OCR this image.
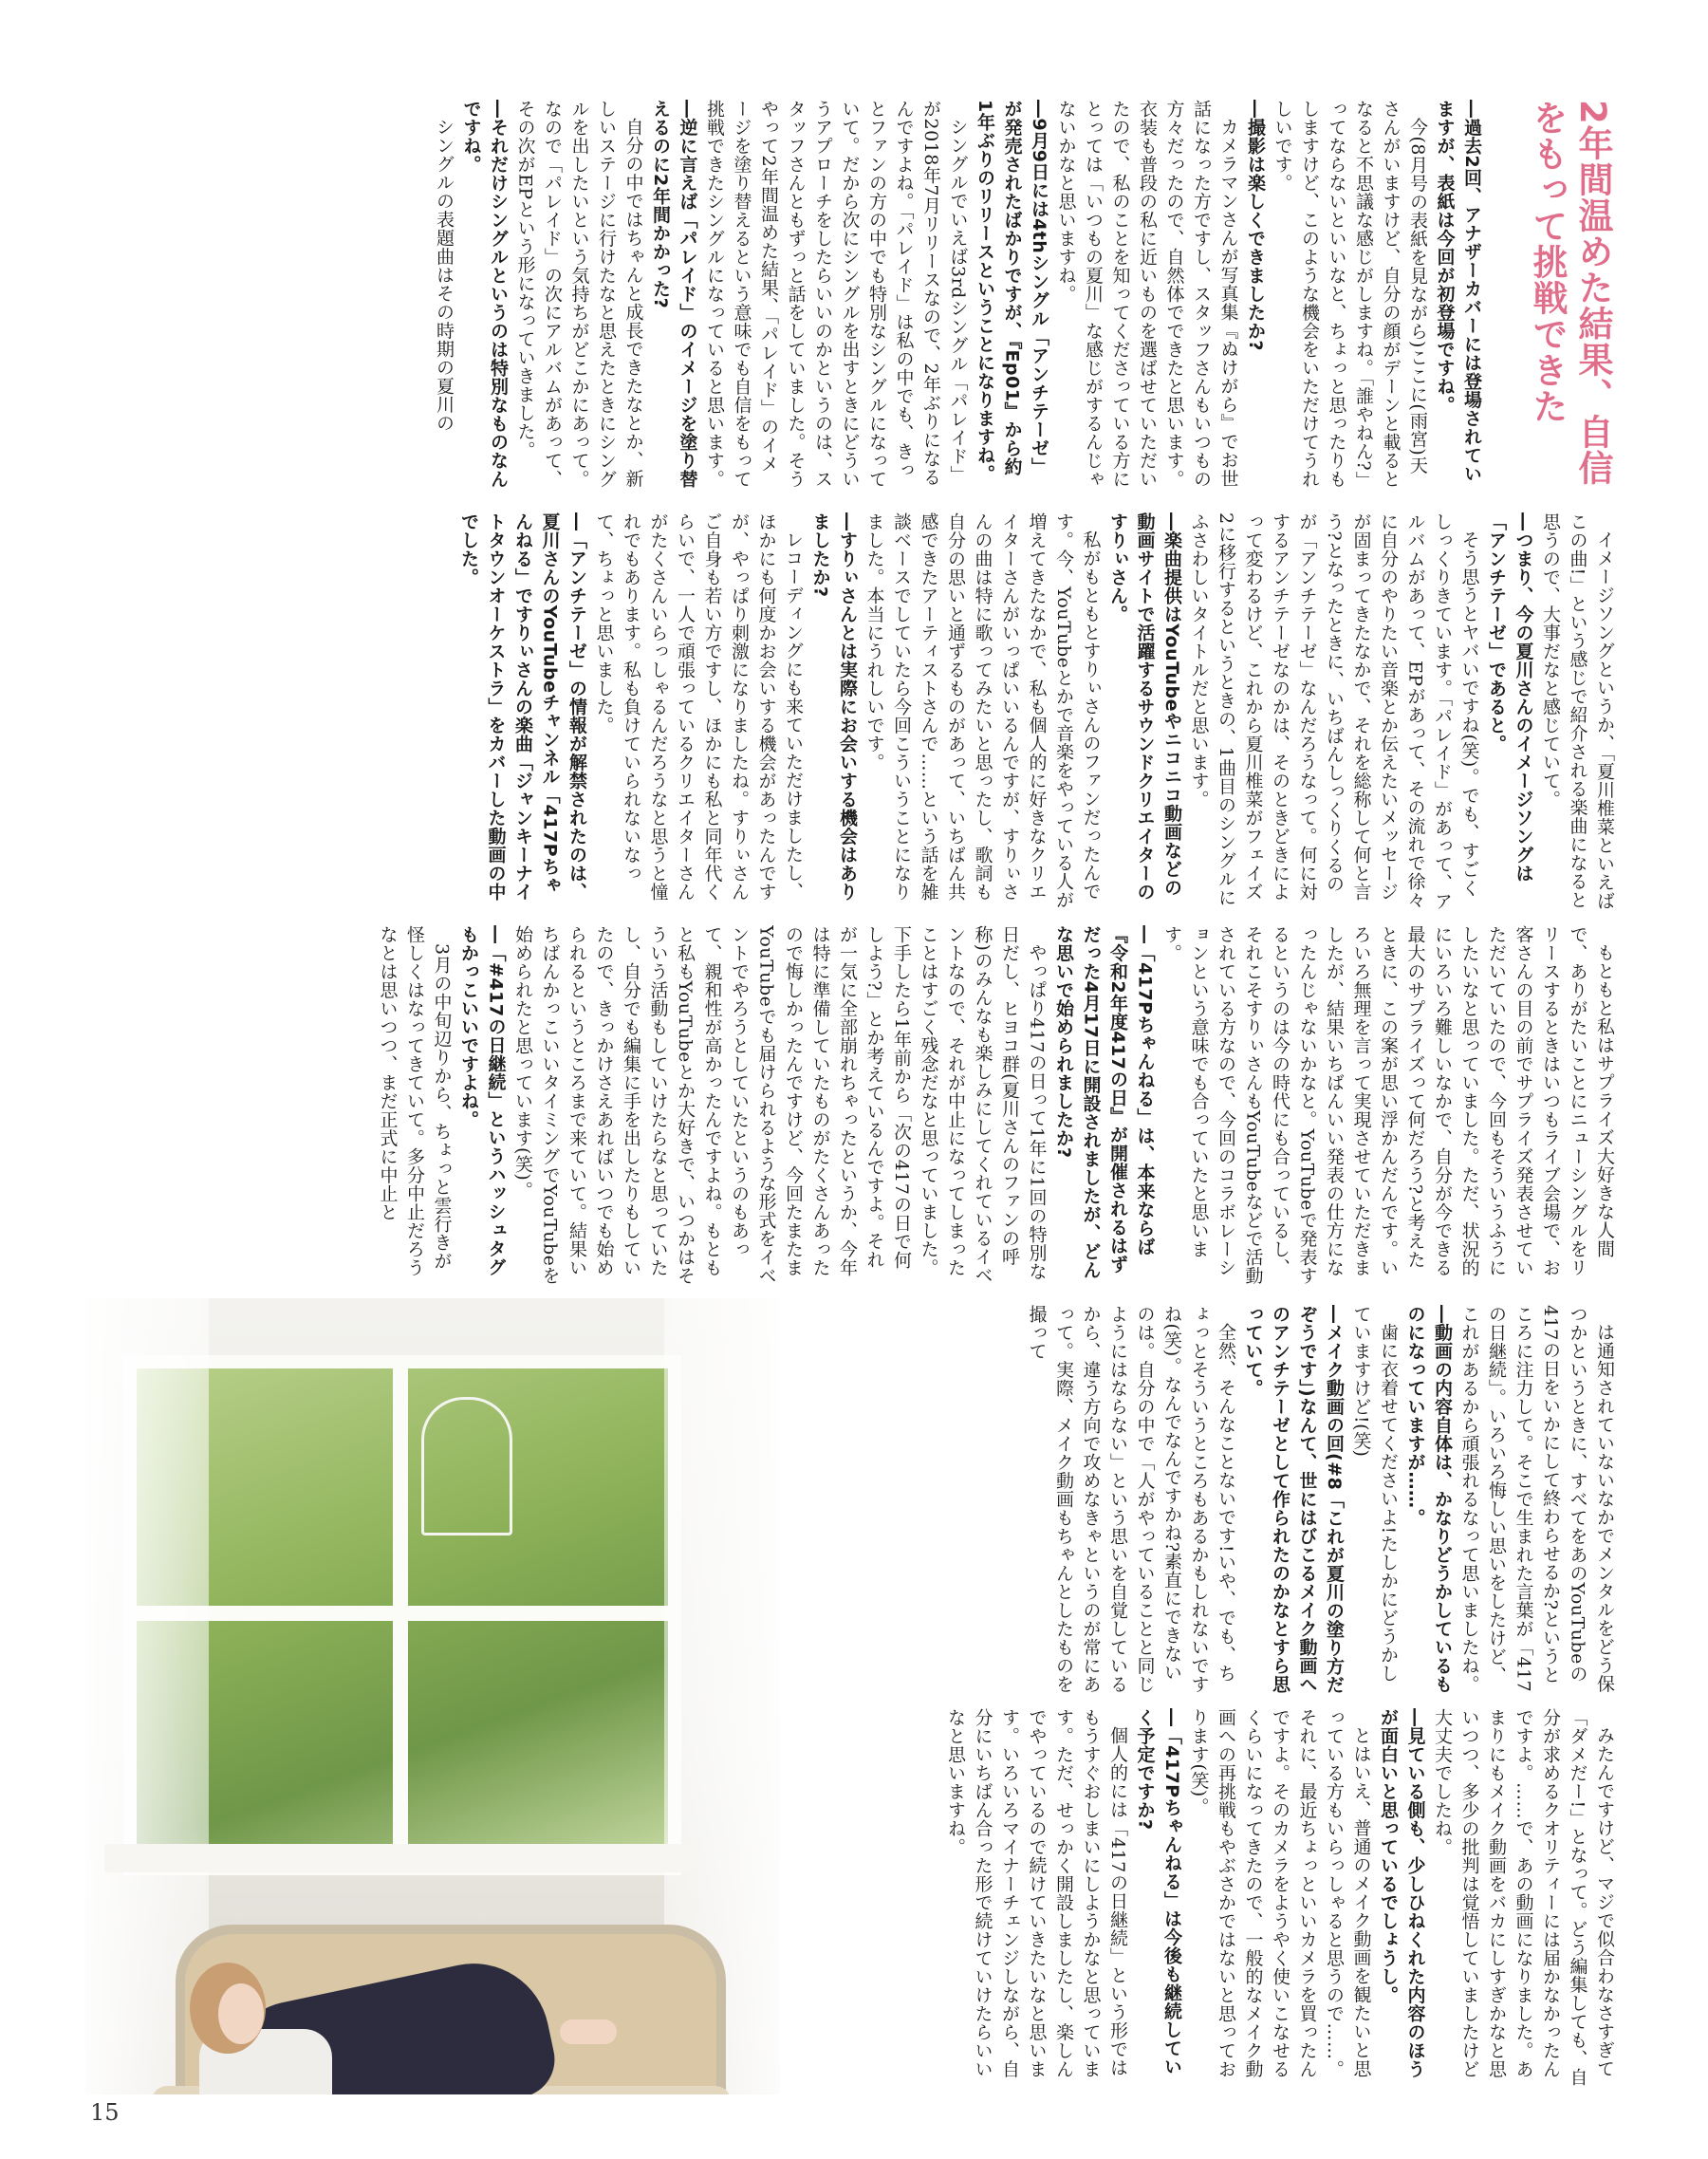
2年間温めた結果、自信をもって挑戦できた

―過去2回、アナザーカバーには登場されていますが、表紙は今回が初登場ですね。

今(8月号の表紙を見ながら)ここに(雨宮)天さんがいますけど、自分の顔がデーンと載るとなると不思議な感じがしますね。「誰やねん?」ってならないといいなと、ちょっと思ったりもしますけど、このような機会をいただけてうれしいです。

―撮影は楽しくできましたか?

カメラマンさんが写真集『ぬけがら』でお世話になった方ですし、スタッフさんもいつもの方々だったので、自然体でできたと思います。衣装も普段の私に近いものを選ばせていただいたので、私のことを知ってくださっている方にとっては「いつもの夏川」な感じがするんじゃないかなと思いますね。

―9月9日には4thシングル「アンチテーゼ」が発売されたばかりですが、『Ep01』から約1年ぶりのリリースということになりますね。

シングルでいえば3rdシングル「パレイド」が2018年7月リリースなので、2年ぶりになるんですよね。「パレイド」は私の中でも、きっとファンの方の中でも特別なシングルになっていて。だから次にシングルを出すときにどういうアプローチをしたらいいのかというのは、スタッフさんともずっと話をしていました。そうやって2年間温めた結果、「パレイド」のイメージを塗り替えるという意味でも自信をもって挑戦できたシングルになっていると思います。

―逆に言えば「パレイド」のイメージを塗り替えるのに2年間かかった?

自分の中ではちゃんと成長できたなとか、新しいステージに行けたなと思えたときにシングルを出したいという気持ちがどこかにあって。なので「パレイド」の次にアルバムがあって、その次がEPという形になっていきました。

―それだけシングルというのは特別なものなんですね。

シングルの表題曲はその時期の夏川の

イメージソングというか、「夏川椎菜といえばこの曲!」という感じで紹介される楽曲になると思うので、大事だなと感じていて。

―つまり、今の夏川さんのイメージソングは「アンチテーゼ」であると。

そう思うとヤバいですね(笑)。でも、すごくしっくりきています。「パレイド」があって、アルバムがあって、EPがあって、その流れで徐々に自分のやりたい音楽とか伝えたいメッセージが固まってきたなかで、それを総称して何と言う?となったときに、いちばんしっくりくるのが「アンチテーゼ」なんだろうなって。何に対するアンチテーゼなのかは、そのときどきによって変わるけど、これから夏川椎菜がフェイズ2に移行するというときの、1曲目のシングルにふさわしいタイトルだと思います。

―楽曲提供はYouTubeやニコニコ動画などの動画サイトで活躍するサウンドクリエイターのすりぃさん。

私がもともとすりぃさんのファンだったんです。今、YouTubeとかで音楽をやっている人が増えてきたなかで、私も個人的に好きなクリエイターさんがいっぱいいるんですが、すりぃさんの曲は特に歌ってみたいと思ったし、歌詞も自分の思いと通ずるものがあって、いちばん共感できたアーティストさんで……という話を雑談ベースでしていたら今回こういうことになりました。本当にうれしいです。

―すりぃさんとは実際にお会いする機会はありましたか?

レコーディングにも来ていただけましたし、ほかにも何度かお会いする機会があったんですが、やっぱり刺激になりましたね。すりぃさんご自身も若い方ですし、ほかにも私と同年代くらいで、一人で頑張っているクリエイターさんがたくさんいらっしゃるんだろうなと思うと憧れでもあります。私も負けていられないなって、ちょっと思いました。

―「アンチテーゼ」の情報が解禁されたのは、夏川さんのYouTubeチャンネル「417Pちゃんねる」ですりぃさんの楽曲「ジャンキーナイトタウンオーケストラ」をカバーした動画の中でした。

もともと私はサプライズ大好きな人間で、ありがたいことにニューシングルをリリースするときはいつもライブ会場で、お客さんの目の前でサプライズ発表させていただいていたので、今回もそういうふうにしたいなと思っていました。ただ、状況的にいろいろ難しいなかで、自分が今できる最大のサプライズって何だろう?と考えたときに、この案が思い浮かんだんです。いろいろ無理を言って実現させていただきましたが、結果いちばんいい発表の仕方になったんじゃないかなと。YouTubeで発表するというのは今の時代にも合っているし、それこそすりぃさんもYouTubeなどで活動されている方なので、今回のコラボレーションという意味でも合っていたと思います。

―「417Pちゃんねる」は、本来ならば『令和2年度417の日』が開催されるはずだった4月17日に開設されましたが、どんな思いで始められましたか?

やっぱり417の日って1年に1回の特別な日だし、ヒヨコ群(夏川さんのファンの呼称)のみんなも楽しみにしてくれているイベントなので、それが中止になってしまったことはすごく残念だなと思っていました。下手したら1年前から「次の417の日で何しよう?」とか考えているんですよ。それが一気に全部崩れちゃったというか、今年は特に準備していたものがたくさんあったので悔しかったんですけど、今回たまたまYouTubeでも届けられるような形式をイベントでやろうとしていたというのもあって、親和性が高かったんですよね。もともと私もYouTubeとか大好きで、いつかはそういう活動もしていけたらなと思っていたし、自分でも編集に手を出したりもしていたので、きっかけさえあればいつでも始められるというところまで来ていて。結果いちばんかっこいいタイミングでYouTubeを始められたと思っています(笑)。

―「#417の日継続」というハッシュタグもかっこいいですよね。

3月の中旬辺りから、ちょっと雲行きが怪しくはなってきていて。多分中止だろうなとは思いつつ、まだ正式に中止と

は通知されていないなかでメンタルをどう保つかというときに、すべてをあのYouTubeの417の日をいかにして終わらせるか?というところに注力して。そこで生まれた言葉が「417の日継続」。いろいろ悔しい思いをしたけど、これがあるから頑張れるなって思いましたね。

―動画の内容自体は、かなりどうかしているものになっていますが……。

歯に衣着せてくださいよ!たしかにどうかしていますけど!(笑)

―メイク動画の回(#8「これが夏川の塗り方だぞうです」)なんて、世にはびこるメイク動画へのアンチテーゼとして作られたのかなとすら思っていて。

全然、そんなことないです!いや、でも、ちょっとそういうところもあるかもしれないですね(笑)。なんでなんですかね?素直にできないのは。自分の中で「人がやっていることと同じようにはならない」という思いを自覚しているから、違う方向で攻めなきゃというのが常にあって。実際、メイク動画もちゃんとしたものを撮って

みたんですけど、マジで似合わなさすぎて「ダメだー!」となって。どう編集しても、自分が求めるクオリティーには届かなかったんですよ。……で、あの動画になりました。あまりにもメイク動画をバカにしすぎかなと思いつつ、多少の批判は覚悟していましたけど大丈夫でしたね。

―見ている側も、少しひねくれた内容のほうが面白いと思っているでしょうし。

とはいえ、普通のメイク動画を観たいと思っている方もいらっしゃると思うので……。それに、最近ちょっといいカメラを買ったんですよ。そのカメラをようやく使いこなせるくらいになってきたので、一般的なメイク動画への再挑戦もやぶさかではないと思っております(笑)。

―「417Pちゃんねる」は今後も継続していく予定ですか?

個人的には「417の日継続」という形ではもうすぐおしまいにしようかなと思っています。ただ、せっかく開設しましたし、楽しんでやっているので続けていきたいなと思います。いろいろマイナーチェンジしながら、自分にいちばん合った形で続けていけたらいいなと思いますね。

15
